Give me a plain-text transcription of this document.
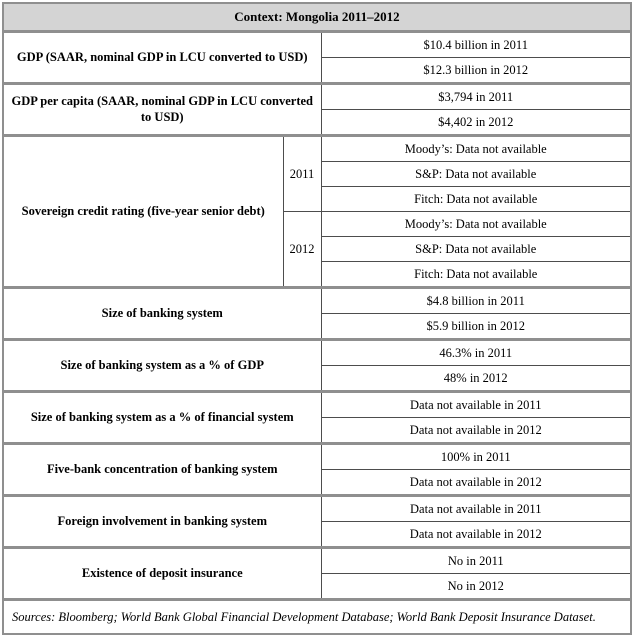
Context: Mongolia 2011–2012		
GDP (SAAR, nominal GDP in LCU converted to USD)		$10.4 billion in 2011
		$12.3 billion in 2012
GDP per capita (SAAR, nominal GDP in LCU converted to USD)		$3,794 in 2011
		$4,402 in 2012
Sovereign credit rating (five-year senior debt)	2011	Moody’s: Data not available
		S&P: Data not available
		Fitch: Data not available
	2012	Moody’s: Data not available
		S&P: Data not available
		Fitch: Data not available
Size of banking system		$4.8 billion in 2011
		$5.9 billion in 2012
Size of banking system as a % of GDP		46.3% in 2011
		48% in 2012
Size of banking system as a % of financial system		Data not available in 2011
		Data not available in 2012
Five-bank concentration of banking system		100% in 2011
		Data not available in 2012
Foreign involvement in banking system		Data not available in 2011
		Data not available in 2012
Existence of deposit insurance		No in 2011
		No in 2012
Sources: Bloomberg; World Bank Global Financial Development Database; World Bank Deposit Insurance Dataset.		
